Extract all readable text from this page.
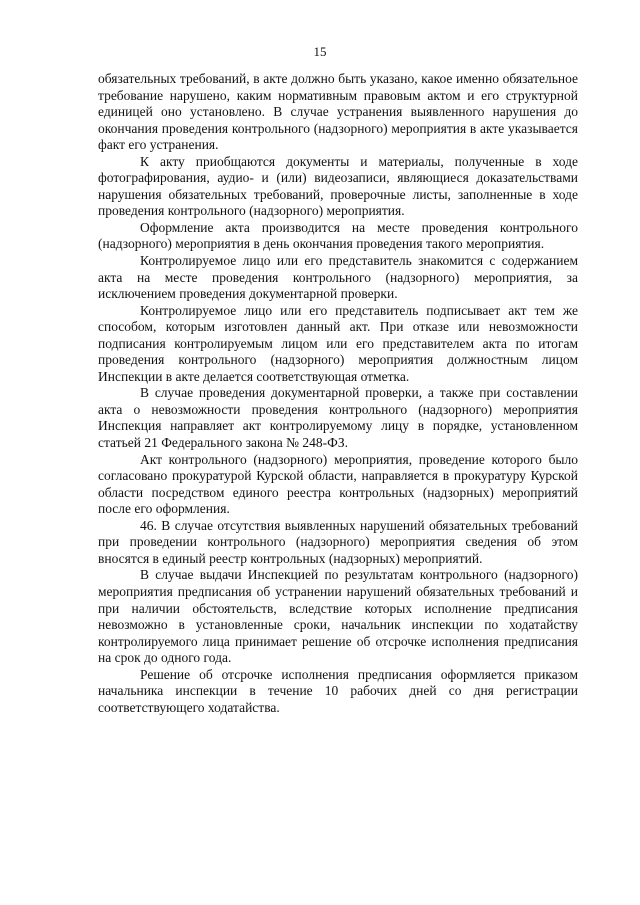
15

обязательных требований, в акте должно быть указано, какое именно обязательное требование нарушено, каким нормативным правовым актом и его структурной единицей оно установлено. В случае устранения выявленного нарушения до окончания проведения контрольного (надзорного) мероприятия в акте указывается факт его устранения.

К акту приобщаются документы и материалы, полученные в ходе фотографирования, аудио- и (или) видеозаписи, являющиеся доказательствами нарушения обязательных требований, проверочные листы, заполненные в ходе проведения контрольного (надзорного) мероприятия.

Оформление акта производится на месте проведения контрольного (надзорного) мероприятия в день окончания проведения такого мероприятия.

Контролируемое лицо или его представитель знакомится с содержанием акта на месте проведения контрольного (надзорного) мероприятия, за исключением проведения документарной проверки.

Контролируемое лицо или его представитель подписывает акт тем же способом, которым изготовлен данный акт. При отказе или невозможности подписания контролируемым лицом или его представителем акта по итогам проведения контрольного (надзорного) мероприятия должностным лицом Инспекции в акте делается соответствующая отметка.

В случае проведения документарной проверки, а также при составлении акта о невозможности проведения контрольного (надзорного) мероприятия Инспекция направляет акт контролируемому лицу в порядке, установленном статьей 21 Федерального закона № 248-ФЗ.

Акт контрольного (надзорного) мероприятия, проведение которого было согласовано прокуратурой Курской области, направляется в прокуратуру Курской области посредством единого реестра контрольных (надзорных) мероприятий после его оформления.

46. В случае отсутствия выявленных нарушений обязательных требований при проведении контрольного (надзорного) мероприятия сведения об этом вносятся в единый реестр контрольных (надзорных) мероприятий.

В случае выдачи Инспекцией по результатам контрольного (надзорного) мероприятия предписания об устранении нарушений обязательных требований и при наличии обстоятельств, вследствие которых исполнение предписания невозможно в установленные сроки, начальник инспекции по ходатайству контролируемого лица принимает решение об отсрочке исполнения предписания на срок до одного года.

Решение об отсрочке исполнения предписания оформляется приказом начальника инспекции в течение 10 рабочих дней со дня регистрации соответствующего ходатайства.
